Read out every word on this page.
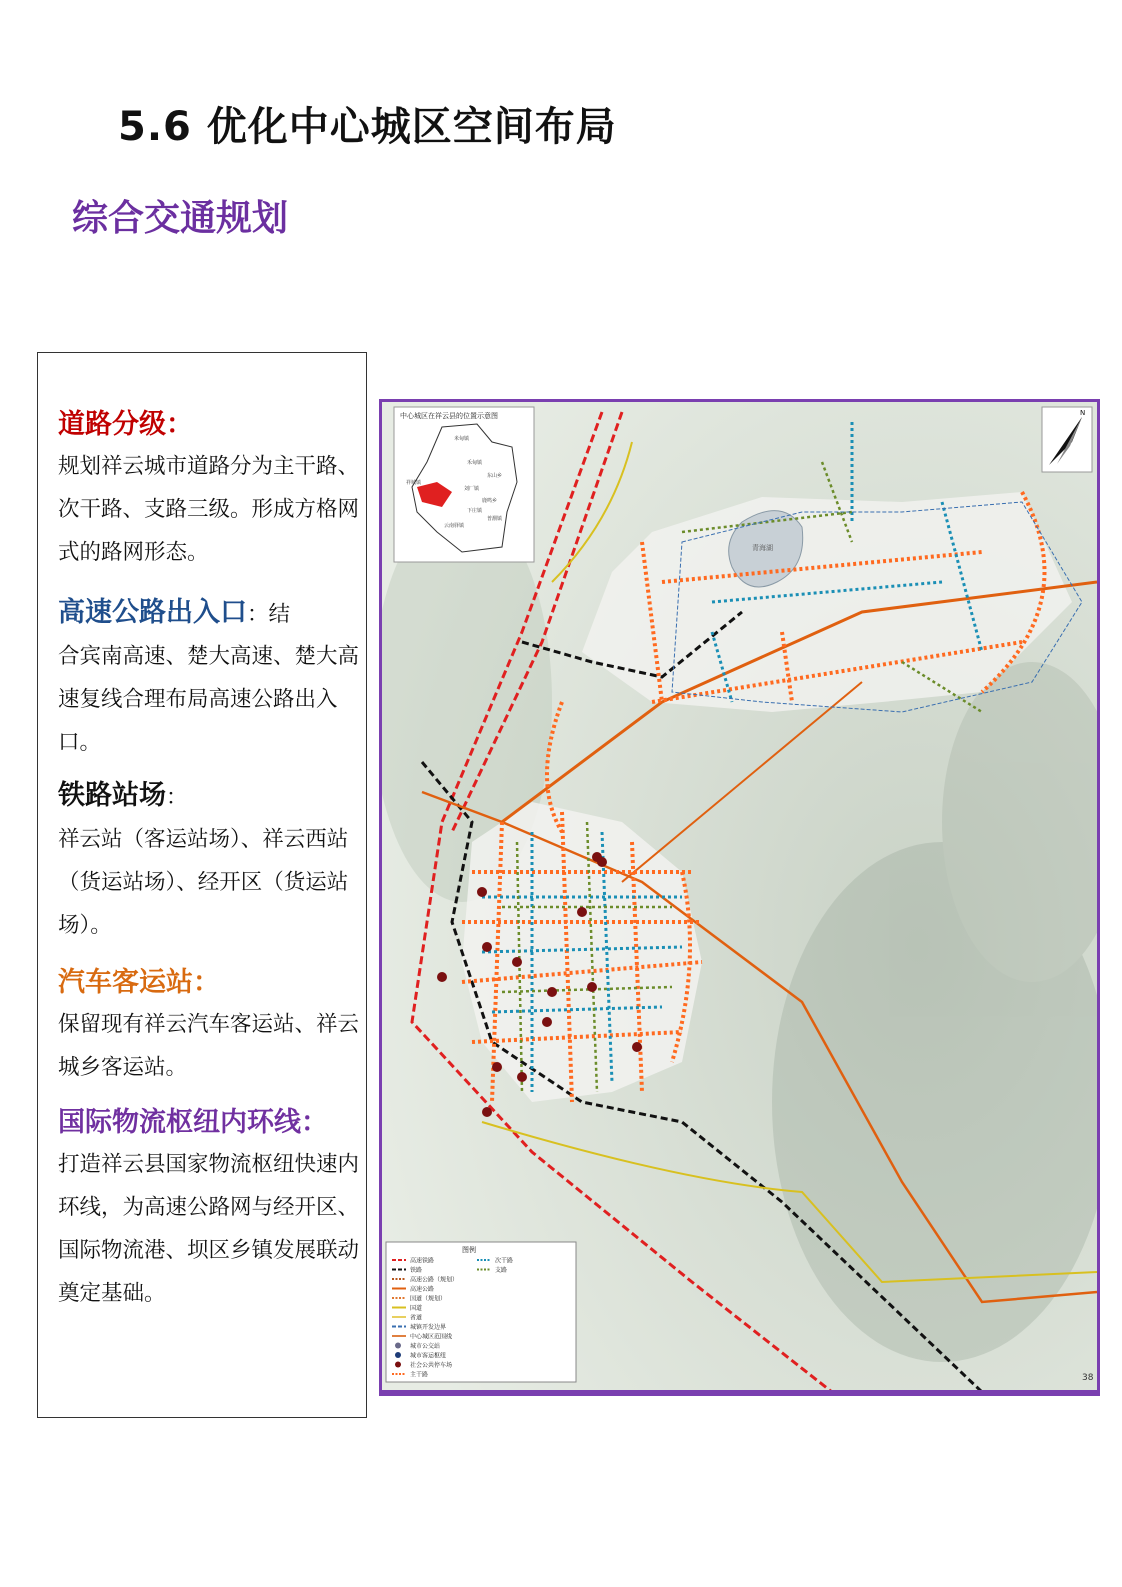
5.6 优化中心城区空间布局
综合交通规划
道路分级：
规划祥云城市道路分为主干路、次干路、支路三级。形成方格网式的路网形态。
高速公路出入口：结
合宾南高速、楚大高速、楚大高速复线合理布局高速公路出入口。
铁路站场：
祥云站（客运站场）、祥云西站（货运站场）、经开区（货运站场）。
汽车客运站：
保留现有祥云汽车客运站、祥云城乡客运站。
国际物流枢纽内环线：
打造祥云县国家物流枢纽快速内环线，为高速公路网与经开区、国际物流港、坝区乡镇发展联动奠定基础。
青海湖
中心城区在祥云县的位置示意图
米甸镇
禾甸镇
东山乡
刘厂镇
鹿鸣乡
下庄镇
普淜镇
云南驿镇
祥城镇
N
图例
高速铁路	次干路
铁路	支路
高速公路（规划）
高速公路
国道（规划）
国道
省道
城镇开发边界
中心城区范围线
城市公交站
城市客运枢纽
社会公共停车场
主干路	38
